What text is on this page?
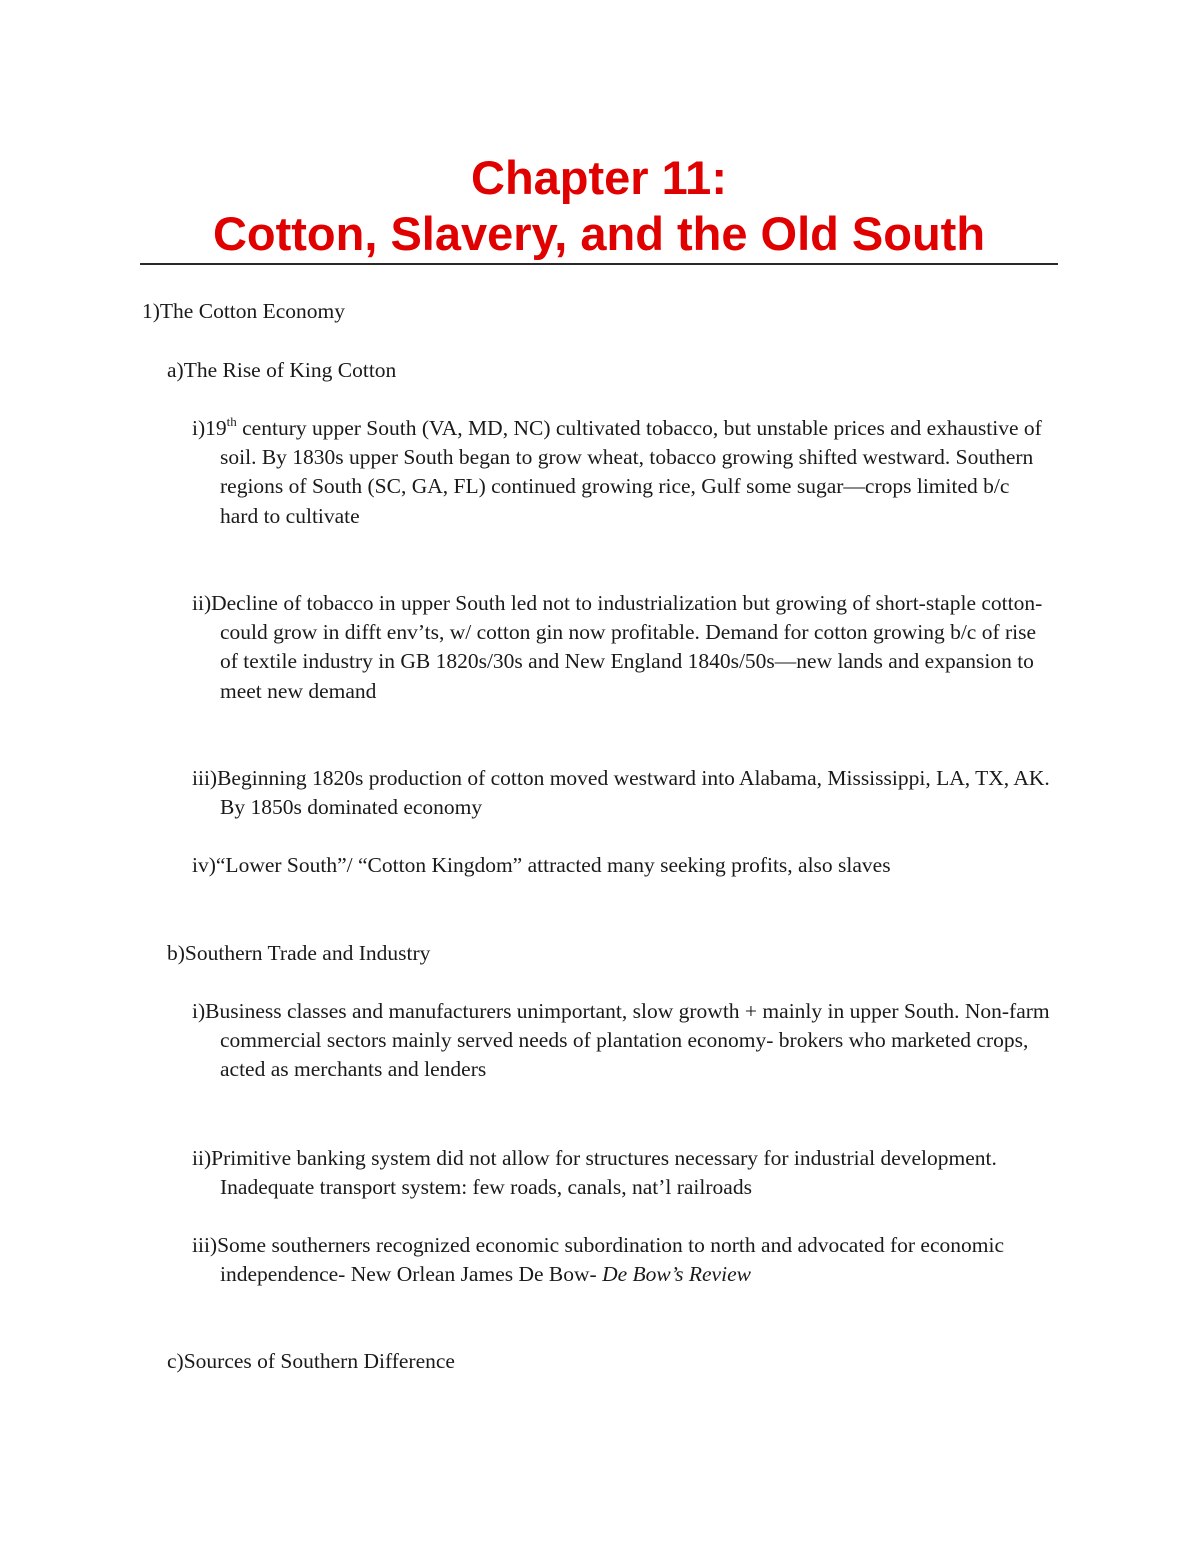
Chapter 11:

Cotton, Slavery, and the Old South

1)The Cotton Economy

a)The Rise of King Cotton

i)19th century upper South (VA, MD, NC) cultivated tobacco, but unstable prices and exhaustive of soil. By 1830s upper South began to grow wheat, tobacco growing shifted westward. Southern regions of South (SC, GA, FL) continued growing rice, Gulf some sugar—crops limited b/c hard to cultivate

ii)Decline of tobacco in upper South led not to industrialization but growing of short-staple cotton- could grow in difft env’ts, w/ cotton gin now profitable. Demand for cotton growing b/c of rise of textile industry in GB 1820s/30s and New England 1840s/50s—new lands and expansion to meet new demand

iii)Beginning 1820s production of cotton moved westward into Alabama, Mississippi, LA, TX, AK. By 1850s dominated economy

iv)“Lower South”/ “Cotton Kingdom” attracted many seeking profits, also slaves

b)Southern Trade and Industry

i)Business classes and manufacturers unimportant, slow growth + mainly in upper South. Non-farm commercial sectors mainly served needs of plantation economy- brokers who marketed crops, acted as merchants and lenders

ii)Primitive banking system did not allow for structures necessary for industrial development. Inadequate transport system: few roads, canals, nat’l railroads

iii)Some southerners recognized economic subordination to north and advocated for economic independence- New Orlean James De Bow- De Bow’s Review

c)Sources of Southern Difference
